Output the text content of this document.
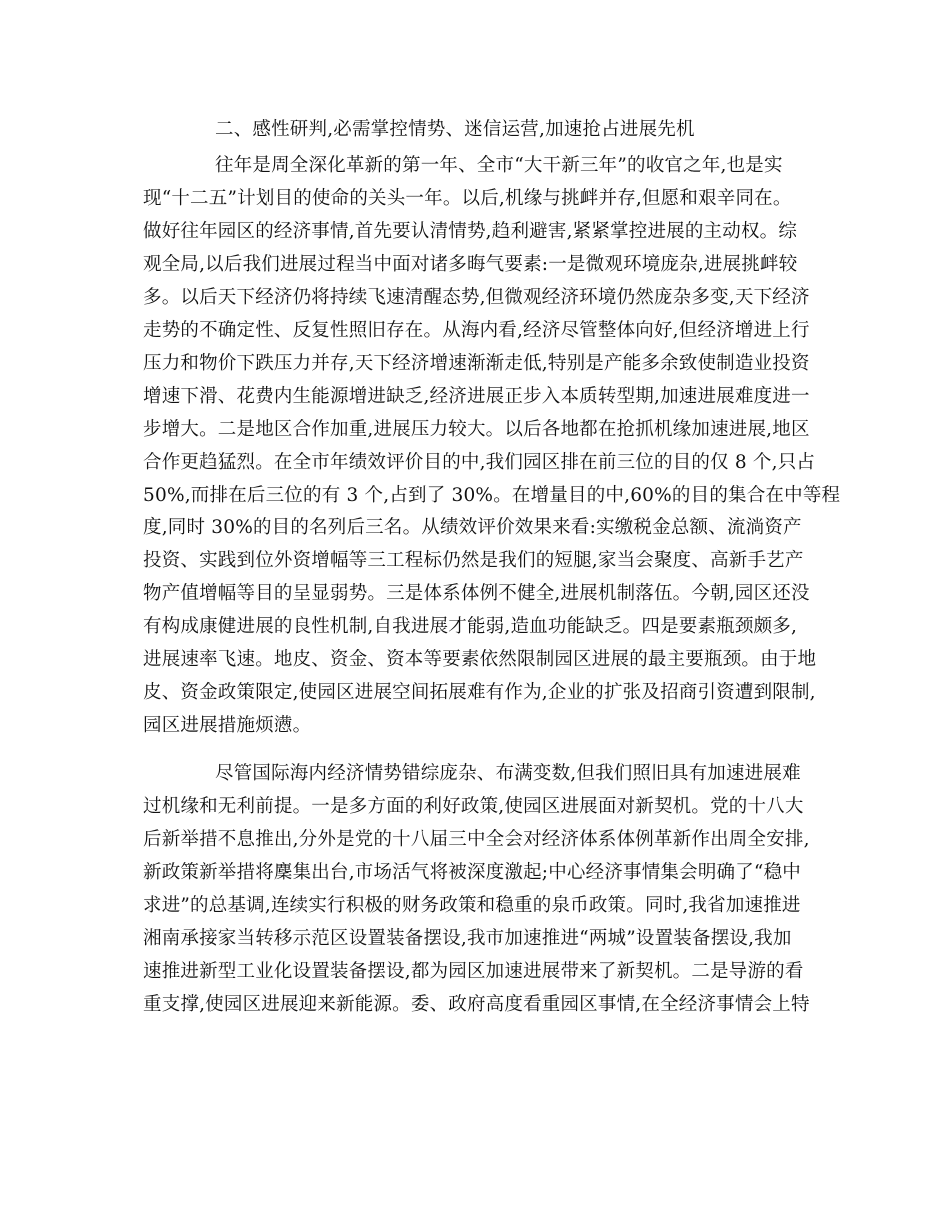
二、感性研判,必需掌控情势、迷信运营,加速抢占进展先机
往年是周全深化革新的第一年、全市“大干新三年”的收官之年,也是实
现“十二五”计划目的使命的关头一年。以后,机缘与挑衅并存,但愿和艰辛同在。
做好往年园区的经济事情,首先要认清情势,趋利避害,紧紧掌控进展的主动权。综
观全局,以后我们进展过程当中面对诸多晦气要素:一是微观环境庞杂,进展挑衅较
多。以后天下经济仍将持续飞速清醒态势,但微观经济环境仍然庞杂多变,天下经济
走势的不确定性、反复性照旧存在。从海内看,经济尽管整体向好,但经济增进上行
压力和物价下跌压力并存,天下经济增速渐渐走低,特别是产能多余致使制造业投资
增速下滑、花费内生能源增进缺乏,经济进展正步入本质转型期,加速进展难度进一
步增大。二是地区合作加重,进展压力较大。以后各地都在抢抓机缘加速进展,地区
合作更趋猛烈。在全市年绩效评价目的中,我们园区排在前三位的目的仅 8 个,只占
50%,而排在后三位的有 3 个,占到了 30%。在增量目的中,60%的目的集合在中等程
度,同时 30%的目的名列后三名。从绩效评价效果来看:实缴税金总额、流淌资产
投资、实践到位外资增幅等三工程标仍然是我们的短腿,家当会聚度、高新手艺产
物产值增幅等目的呈显弱势。三是体系体例不健全,进展机制落伍。今朝,园区还没
有构成康健进展的良性机制,自我进展才能弱,造血功能缺乏。四是要素瓶颈颇多,
进展速率飞速。地皮、资金、资本等要素依然限制园区进展的最主要瓶颈。由于地
皮、资金政策限定,使园区进展空间拓展难有作为,企业的扩张及招商引资遭到限制,
园区进展措施烦懑。
尽管国际海内经济情势错综庞杂、布满变数,但我们照旧具有加速进展难
过机缘和无利前提。一是多方面的利好政策,使园区进展面对新契机。党的十八大
后新举措不息推出,分外是党的十八届三中全会对经济体系体例革新作出周全安排,
新政策新举措将麇集出台,市场活气将被深度激起;中心经济事情集会明确了“稳中
求进”的总基调,连续实行积极的财务政策和稳重的泉币政策。同时,我省加速推进
湘南承接家当转移示范区设置装备摆设,我市加速推进“两城”设置装备摆设,我加
速推进新型工业化设置装备摆设,都为园区加速进展带来了新契机。二是导游的看
重支撑,使园区进展迎来新能源。委、政府高度看重园区事情,在全经济事情会上特
